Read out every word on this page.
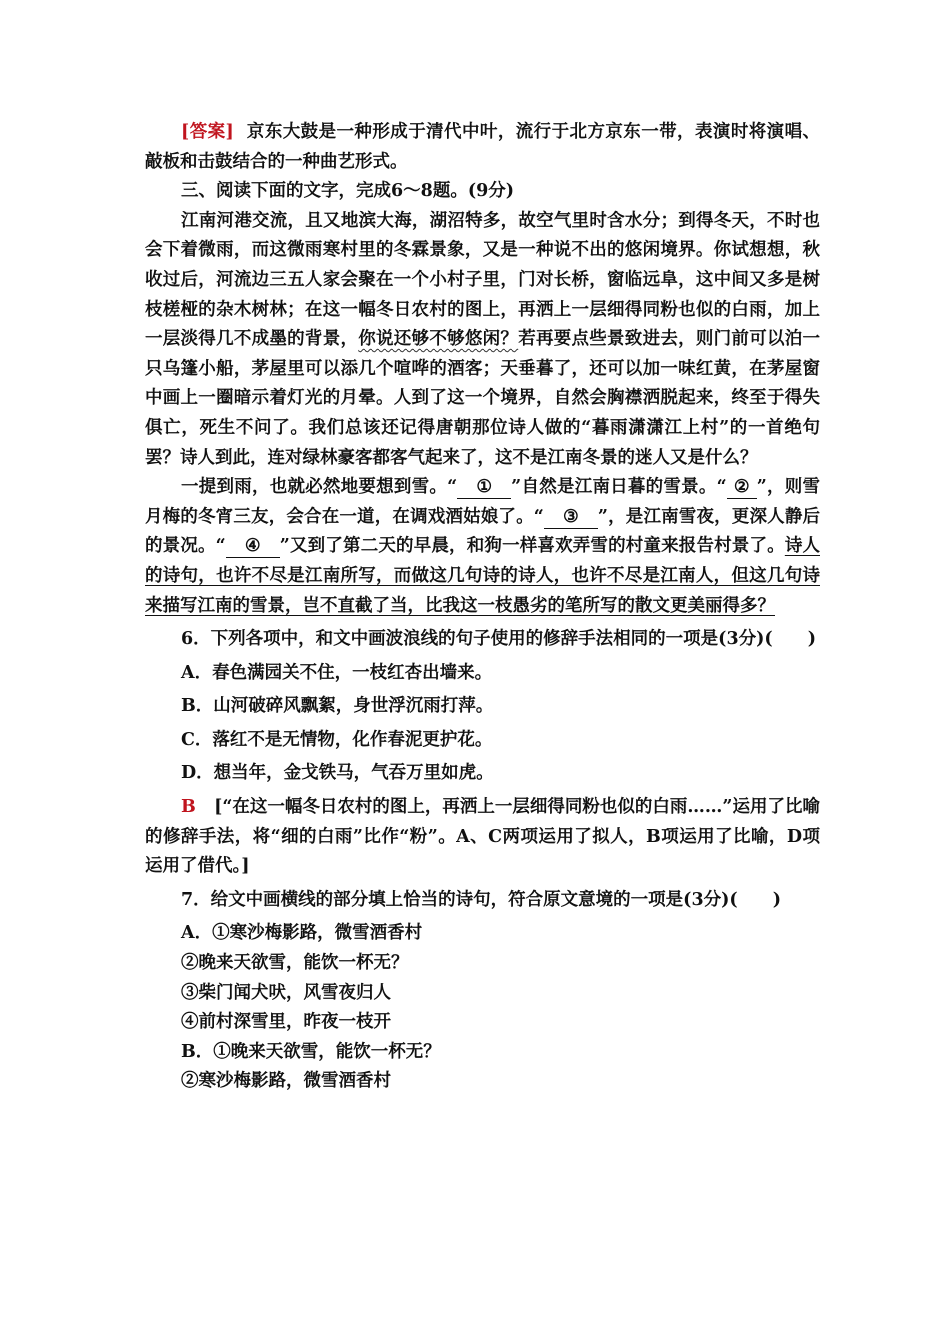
[答案] 京东大鼓是一种形成于清代中叶，流行于北方京东一带，表演时将演唱、敲板和击鼓结合的一种曲艺形式。

三、阅读下面的文字，完成6～8题。(9分)

江南河港交流，且又地滨大海，湖沼特多，故空气里时含水分；到得冬天，不时也会下着微雨，而这微雨寒村里的冬霖景象，又是一种说不出的悠闲境界。你试想想，秋收过后，河流边三五人家会聚在一个小村子里，门对长桥，窗临远阜，这中间又多是树枝槎桠的杂木树林；在这一幅冬日农村的图上，再洒上一层细得同粉也似的白雨，加上一层淡得几不成墨的背景，你说还够不够悠闲？若再要点些景致进去，则门前可以泊一只乌篷小船，茅屋里可以添几个喧哗的酒客；天垂暮了，还可以加一味红黄，在茅屋窗中画上一圈暗示着灯光的月晕。人到了这一个境界，自然会胸襟洒脱起来，终至于得失俱亡，死生不问了。我们总该还记得唐朝那位诗人做的“暮雨潇潇江上村”的一首绝句罢？诗人到此，连对绿林豪客都客气起来了，这不是江南冬景的迷人又是什么？

一提到雨，也就必然地要想到雪。“ ① ”自然是江南日暮的雪景。“ ② ”，则雪月梅的冬宵三友，会合在一道，在调戏酒姑娘了。“ ③ ”，是江南雪夜，更深人静后的景况。“ ④ ”又到了第二天的早晨，和狗一样喜欢弄雪的村童来报告村景了。诗人的诗句，也许不尽是江南所写，而做这几句诗的诗人，也许不尽是江南人，但这几句诗来描写江南的雪景，岂不直截了当，比我这一枝愚劣的笔所写的散文更美丽得多？

6．下列各项中，和文中画波浪线的句子使用的修辞手法相同的一项是(3分)(　　)

A．春色满园关不住，一枝红杏出墙来。

B．山河破碎风飘絮，身世浮沉雨打萍。

C．落红不是无情物，化作春泥更护花。

D．想当年，金戈铁马，气吞万里如虎。

B [“在这一幅冬日农村的图上，再洒上一层细得同粉也似的白雨……”运用了比喻的修辞手法，将“细的白雨”比作“粉”。A、C两项运用了拟人，B项运用了比喻，D项运用了借代。]

7．给文中画横线的部分填上恰当的诗句，符合原文意境的一项是(3分)(　　)

A．①寒沙梅影路，微雪酒香村

②晚来天欲雪，能饮一杯无？

③柴门闻犬吠，风雪夜归人

④前村深雪里，昨夜一枝开

B．①晚来天欲雪，能饮一杯无？

②寒沙梅影路，微雪酒香村
